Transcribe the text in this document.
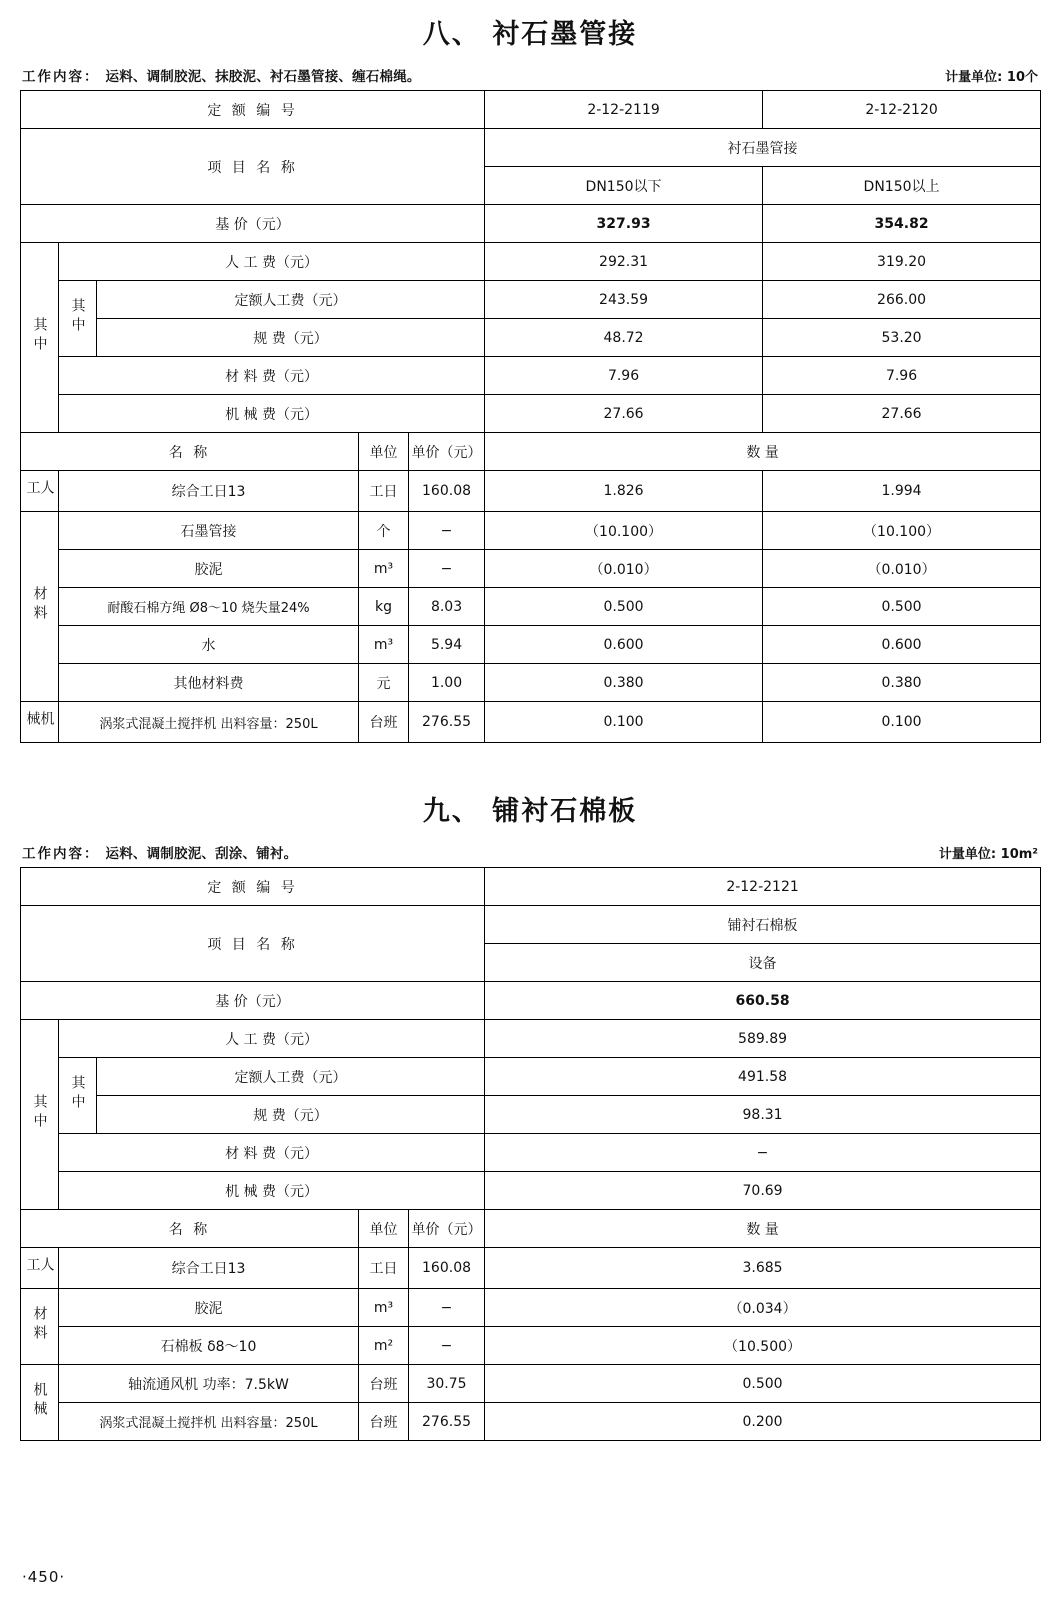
八、 衬石墨管接
工作内容： 运料、调制胶泥、抹胶泥、衬石墨管接、缠石棉绳。	计量单位: 10个
定 额 编 号					2-12-2119	2-12-2120
项 目 名 称					衬石墨管接	
					DN150以下	DN150以上
基 价（元）					327.93	354.82
其中	人 工 费（元）				292.31	319.20
	其中	定额人工费（元）			243.59	266.00
		规 费（元）			48.72	53.20
	材 料 费（元）				7.96	7.96
	机 械 费（元）				27.66	27.66
名 称			单位	单价（元）	数 量	
人工	综合工日13		工日	160.08	1.826	1.994
材料	石墨管接		个	−	（10.100）	（10.100）
	胶泥		m³	−	（0.010）	（0.010）
	耐酸石棉方绳 Ø8～10 烧失量24%		kg	8.03	0.500	0.500
	水		m³	5.94	0.600	0.600
	其他材料费		元	1.00	0.380	0.380
机械	涡浆式混凝土搅拌机 出料容量：250L		台班	276.55	0.100	0.100
九、 铺衬石棉板
工作内容： 运料、调制胶泥、刮涂、铺衬。	计量单位: 10m²
定 额 编 号					2-12-2121
项 目 名 称					铺衬石棉板
					设备
基 价（元）					660.58
其中	人 工 费（元）				589.89
	其中	定额人工费（元）			491.58
		规 费（元）			98.31
	材 料 费（元）				−
	机 械 费（元）				70.69
名 称			单位	单价（元）	数 量
人工	综合工日13		工日	160.08	3.685
材料	胶泥		m³	−	（0.034）
	石棉板 δ8～10		m²	−	（10.500）
机械	轴流通风机 功率：7.5kW		台班	30.75	0.500
	涡浆式混凝土搅拌机 出料容量：250L		台班	276.55	0.200
·450·
